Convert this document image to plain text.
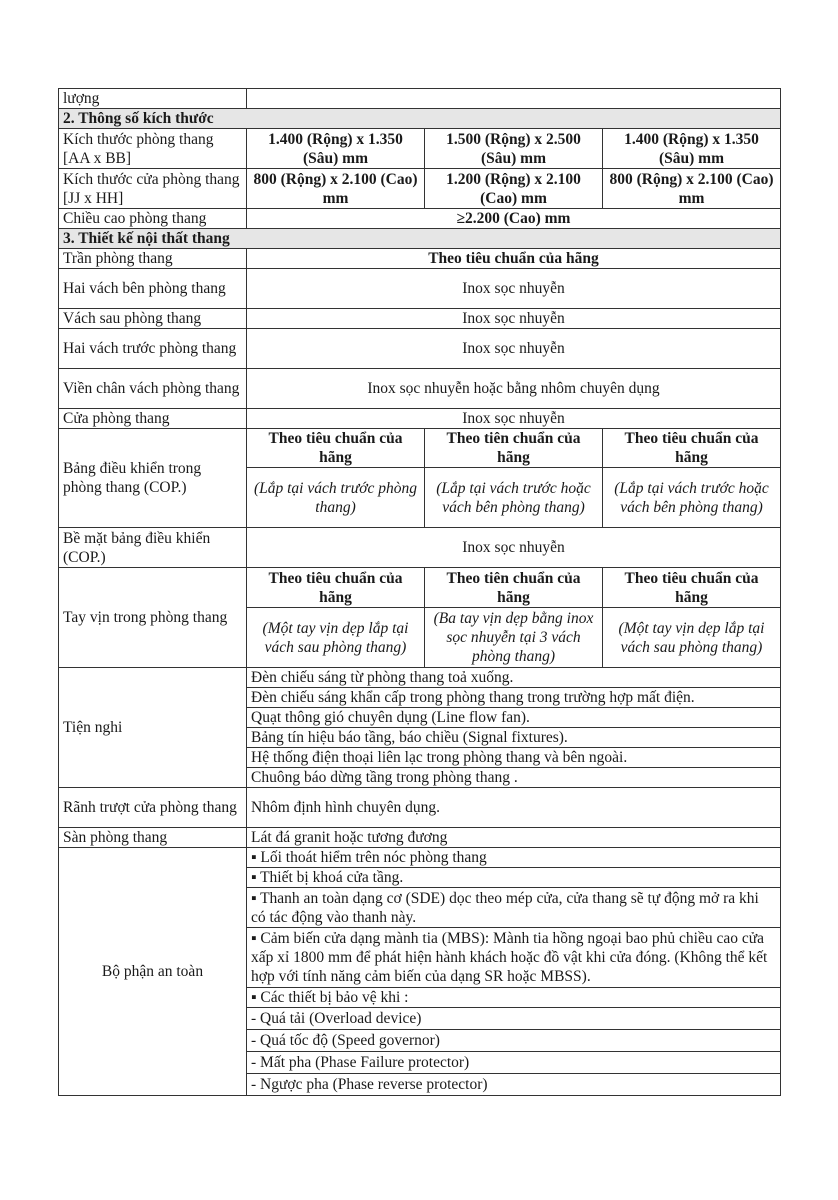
lượng			
2. Thông số kích thước			
Kích thước phòng thang [AA x BB]	1.400 (Rộng) x 1.350 (Sâu) mm	1.500 (Rộng) x 2.500 (Sâu) mm	1.400 (Rộng) x 1.350 (Sâu) mm
Kích thước cửa phòng thang [JJ x HH]	800 (Rộng) x 2.100 (Cao) mm	1.200 (Rộng) x 2.100 (Cao) mm	800 (Rộng) x 2.100 (Cao) mm
Chiều cao phòng thang	≥2.200 (Cao) mm		
3. Thiết kế nội thất thang			
Trần phòng thang	Theo tiêu chuẩn của hãng		
Hai vách bên phòng thang	Inox sọc nhuyễn		
Vách sau phòng thang	Inox sọc nhuyễn		
Hai vách trước phòng thang	Inox sọc nhuyễn		
Viền chân vách phòng thang	Inox sọc nhuyễn hoặc bằng nhôm chuyên dụng		
Cửa phòng thang	Inox sọc nhuyễn		
Bảng điều khiển trong phòng thang (COP.)	Theo tiêu chuẩn của hãng	Theo tiên chuẩn của hãng	Theo tiêu chuẩn của hãng
	(Lắp tại vách trước phòng thang)	(Lắp tại vách trước hoặc vách bên phòng thang)	(Lắp tại vách trước hoặc vách bên phòng thang)
Bề mặt bảng điều khiển (COP.)	Inox sọc nhuyễn		
Tay vịn trong phòng thang	Theo tiêu chuẩn của hãng	Theo tiên chuẩn của hãng	Theo tiêu chuẩn của hãng
	(Một tay vịn dẹp lắp tại vách sau phòng thang)	(Ba tay vịn dẹp bằng inox sọc nhuyễn tại 3 vách phòng thang)	(Một tay vịn dẹp lắp tại vách sau phòng thang)
Tiện nghi	Đèn chiếu sáng từ phòng thang toả xuống.		
	Đèn chiếu sáng khẩn cấp trong phòng thang trong trường hợp mất điện.		
	Quạt thông gió chuyên dụng (Line flow fan).		
	Bảng tín hiệu báo tầng, báo chiều (Signal fixtures).		
	Hệ thống điện thoại liên lạc trong phòng thang và bên ngoài.		
	Chuông báo dừng tầng trong phòng thang .		
Rãnh trượt cửa phòng thang	Nhôm định hình chuyên dụng.		
Sàn phòng thang	Lát đá granit hoặc tương đương		
Bộ phận an toàn	▪ Lối thoát hiểm trên nóc phòng thang		
	▪ Thiết bị khoá cửa tầng.		
	▪ Thanh an toàn dạng cơ (SDE) dọc theo mép cửa, cửa thang sẽ tự động mở ra khi có tác động vào thanh này.		
	▪ Cảm biến cửa dạng mành tia (MBS): Mành tia hồng ngoại bao phủ chiều cao cửa xấp xỉ 1800 mm để phát hiện hành khách hoặc đồ vật khi cửa đóng. (Không thể kết hợp với tính năng cảm biến của dạng SR hoặc MBSS).		
	▪ Các thiết bị bảo vệ khi :		
	- Quá tải (Overload device)		
	- Quá tốc độ (Speed governor)		
	- Mất pha (Phase Failure protector)		
	- Ngược pha (Phase reverse protector)		
